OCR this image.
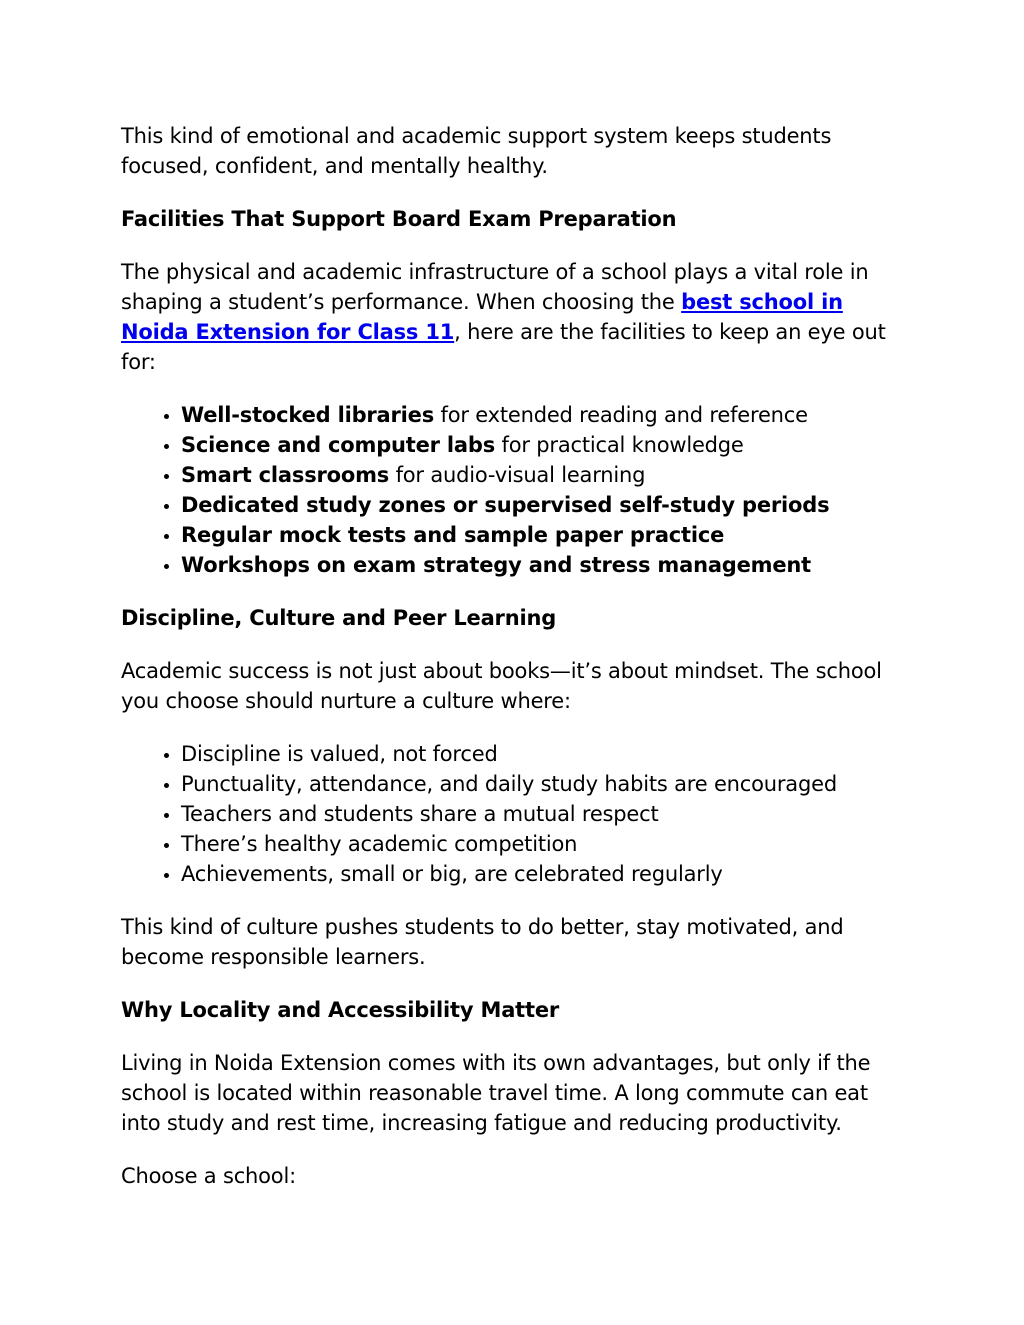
This kind of emotional and academic support system keeps students focused, confident, and mentally healthy.

Facilities That Support Board Exam Preparation

The physical and academic infrastructure of a school plays a vital role in shaping a student’s performance. When choosing the best school in Noida Extension for Class 11, here are the facilities to keep an eye out for:

• Well-stocked libraries for extended reading and reference
• Science and computer labs for practical knowledge
• Smart classrooms for audio-visual learning
• Dedicated study zones or supervised self-study periods
• Regular mock tests and sample paper practice
• Workshops on exam strategy and stress management
Discipline, Culture and Peer Learning

Academic success is not just about books—it’s about mindset. The school you choose should nurture a culture where:

• Discipline is valued, not forced
• Punctuality, attendance, and daily study habits are encouraged
• Teachers and students share a mutual respect
• There’s healthy academic competition
• Achievements, small or big, are celebrated regularly

This kind of culture pushes students to do better, stay motivated, and become responsible learners.

Why Locality and Accessibility Matter

Living in Noida Extension comes with its own advantages, but only if the school is located within reasonable travel time. A long commute can eat into study and rest time, increasing fatigue and reducing productivity.

Choose a school:
